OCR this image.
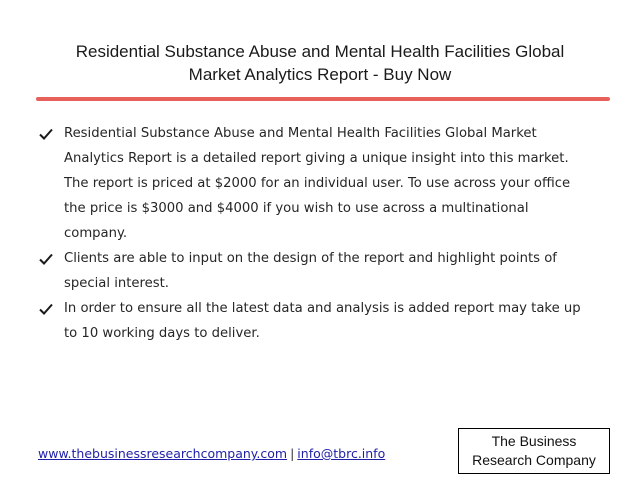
Residential Substance Abuse and Mental Health Facilities Global
Market Analytics Report - Buy Now
Residential Substance Abuse and Mental Health Facilities Global Market
Analytics Report is a detailed report giving a unique insight into this market.
The report is priced at $2000 for an individual user. To use across your office
the price is $3000 and $4000 if you wish to use across a multinational
company.
Clients are able to input on the design of the report and highlight points of
special interest.
In order to ensure all the latest data and analysis is added report may take up
to 10 working days to deliver.
www.thebusinessresearchcompany.com | info@tbrc.info
The Business
Research Company
